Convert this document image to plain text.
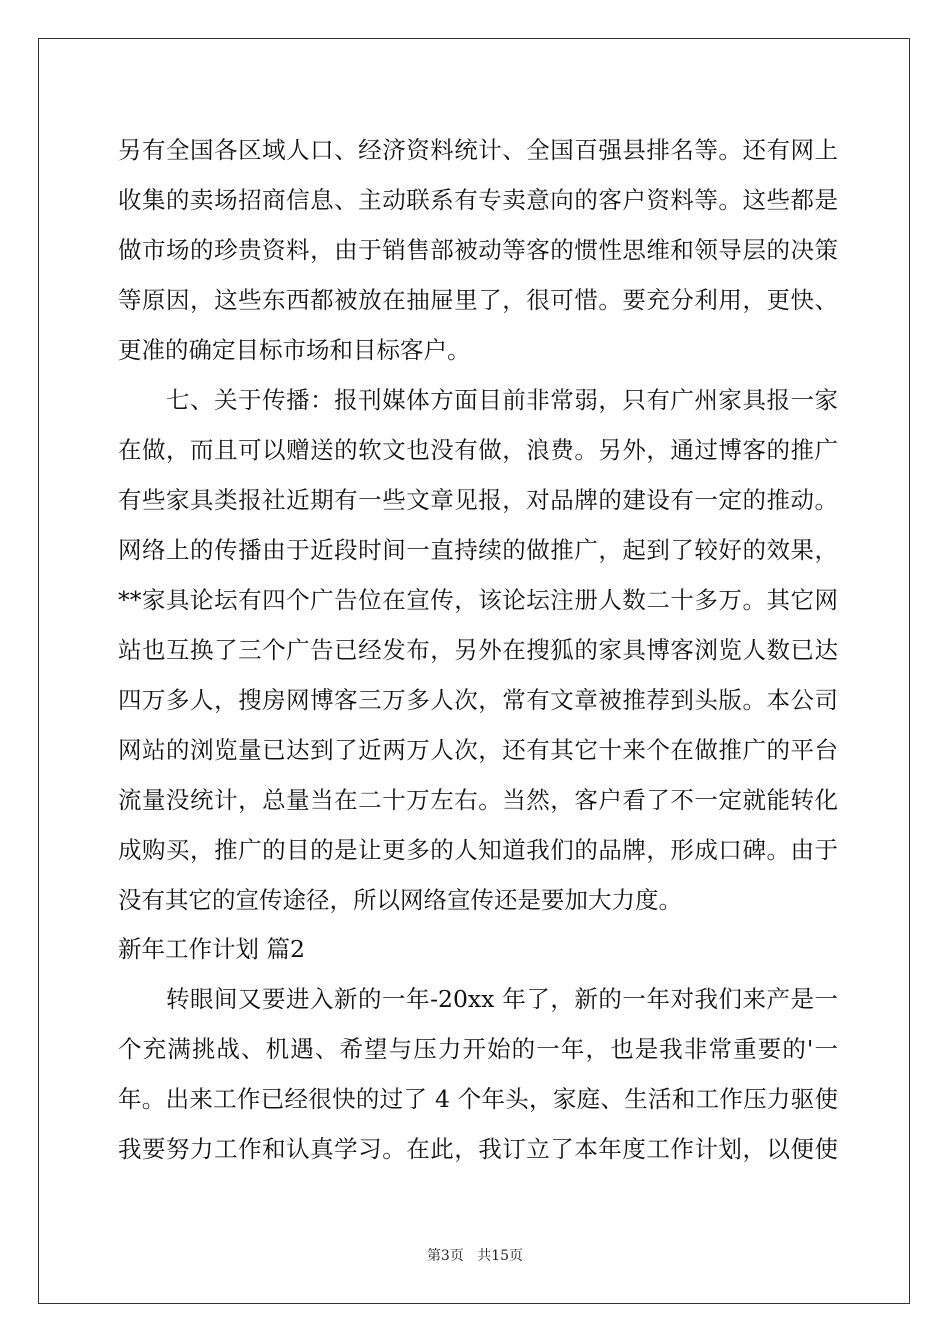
另有全国各区域人口、经济资料统计、全国百强县排名等。还有网上
收集的卖场招商信息、主动联系有专卖意向的客户资料等。这些都是
做市场的珍贵资料，由于销售部被动等客的惯性思维和领导层的决策
等原因，这些东西都被放在抽屉里了，很可惜。要充分利用，更快、
更准的确定目标市场和目标客户。
七、关于传播：报刊媒体方面目前非常弱，只有广州家具报一家
在做，而且可以赠送的软文也没有做，浪费。另外，通过博客的推广
有些家具类报社近期有一些文章见报，对品牌的建设有一定的推动。
网络上的传播由于近段时间一直持续的做推广，起到了较好的效果，
**家具论坛有四个广告位在宣传，该论坛注册人数二十多万。其它网
站也互换了三个广告已经发布，另外在搜狐的家具博客浏览人数已达
四万多人，搜房网博客三万多人次，常有文章被推荐到头版。本公司
网站的浏览量已达到了近两万人次，还有其它十来个在做推广的平台
流量没统计，总量当在二十万左右。当然，客户看了不一定就能转化
成购买，推广的目的是让更多的人知道我们的品牌，形成口碑。由于
没有其它的宣传途径，所以网络宣传还是要加大力度。
新年工作计划 篇2
转眼间又要进入新的一年-20xx 年了，新的一年对我们来产是一
个充满挑战、机遇、希望与压力开始的一年，也是我非常重要的'一
年。出来工作已经很快的过了 4 个年头，家庭、生活和工作压力驱使
我要努力工作和认真学习。在此，我订立了本年度工作计划，以便使
第3页 共15页
